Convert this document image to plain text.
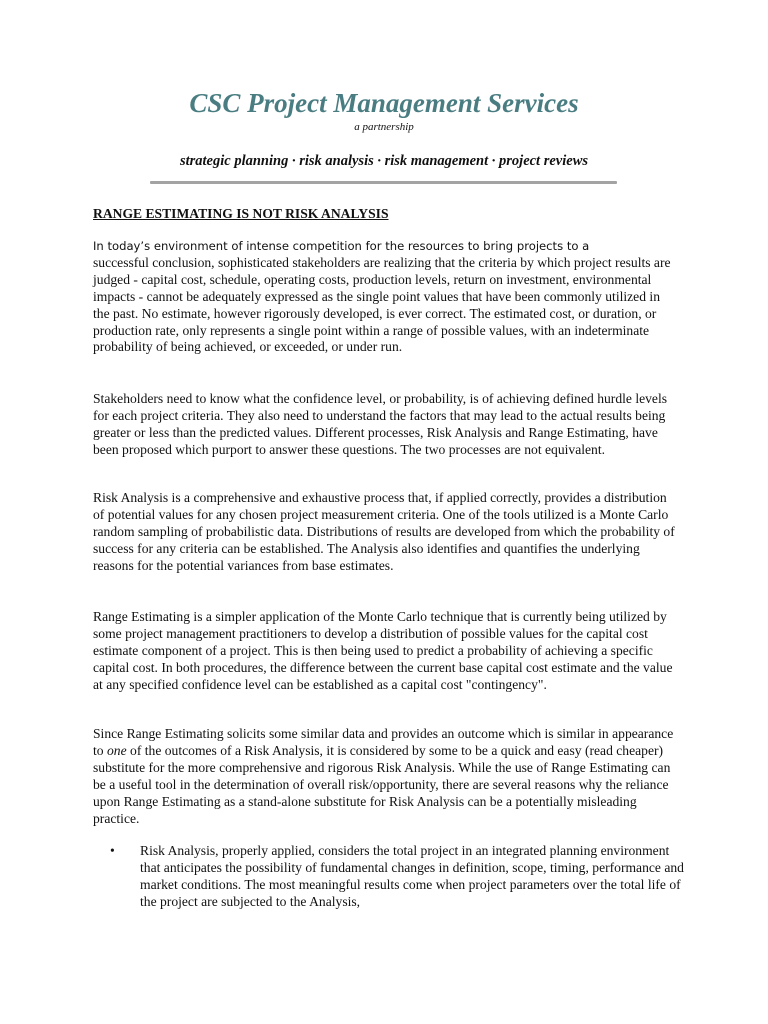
CSC Project Management Services
a partnership
strategic planning · risk analysis · risk management · project reviews
RANGE ESTIMATING IS NOT RISK ANALYSIS

In today’s environment of intense competition for the resources to bring projects to a
successful conclusion, sophisticated stakeholders are realizing that the criteria by which project results are judged - capital cost, schedule, operating costs, production levels, return on investment, environmental impacts - cannot be adequately expressed as the single point values that have been commonly utilized in the past. No estimate, however rigorously developed, is ever correct. The estimated cost, or duration, or production rate, only represents a single point within a range of possible values, with an indeterminate probability of being achieved, or exceeded, or under run.

Stakeholders need to know what the confidence level, or probability, is of achieving defined hurdle levels for each project criteria. They also need to understand the factors that may lead to the actual results being greater or less than the predicted values. Different processes, Risk Analysis and Range Estimating, have been proposed which purport to answer these questions. The two processes are not equivalent.

Risk Analysis is a comprehensive and exhaustive process that, if applied correctly, provides a distribution of potential values for any chosen project measurement criteria. One of the tools utilized is a Monte Carlo random sampling of probabilistic data. Distributions of results are developed from which the probability of success for any criteria can be established. The Analysis also identifies and quantifies the underlying reasons for the potential variances from base estimates.

Range Estimating is a simpler application of the Monte Carlo technique that is currently being utilized by some project management practitioners to develop a distribution of possible values for the capital cost estimate component of a project. This is then being used to predict a probability of achieving a specific capital cost. In both procedures, the difference between the current base capital cost estimate and the value at any specified confidence level can be established as a capital cost "contingency".

Since Range Estimating solicits some similar data and provides an outcome which is similar in appearance to one of the outcomes of a Risk Analysis, it is considered by some to be a quick and easy (read cheaper) substitute for the more comprehensive and rigorous Risk Analysis. While the use of Range Estimating can be a useful tool in the determination of overall risk/opportunity, there are several reasons why the reliance upon Range Estimating as a stand-alone substitute for Risk Analysis can be a potentially misleading practice.

• Risk Analysis, properly applied, considers the total project in an integrated planning environment that anticipates the possibility of fundamental changes in definition, scope, timing, performance and market conditions. The most meaningful results come when project parameters over the total life of the project are subjected to the Analysis,
